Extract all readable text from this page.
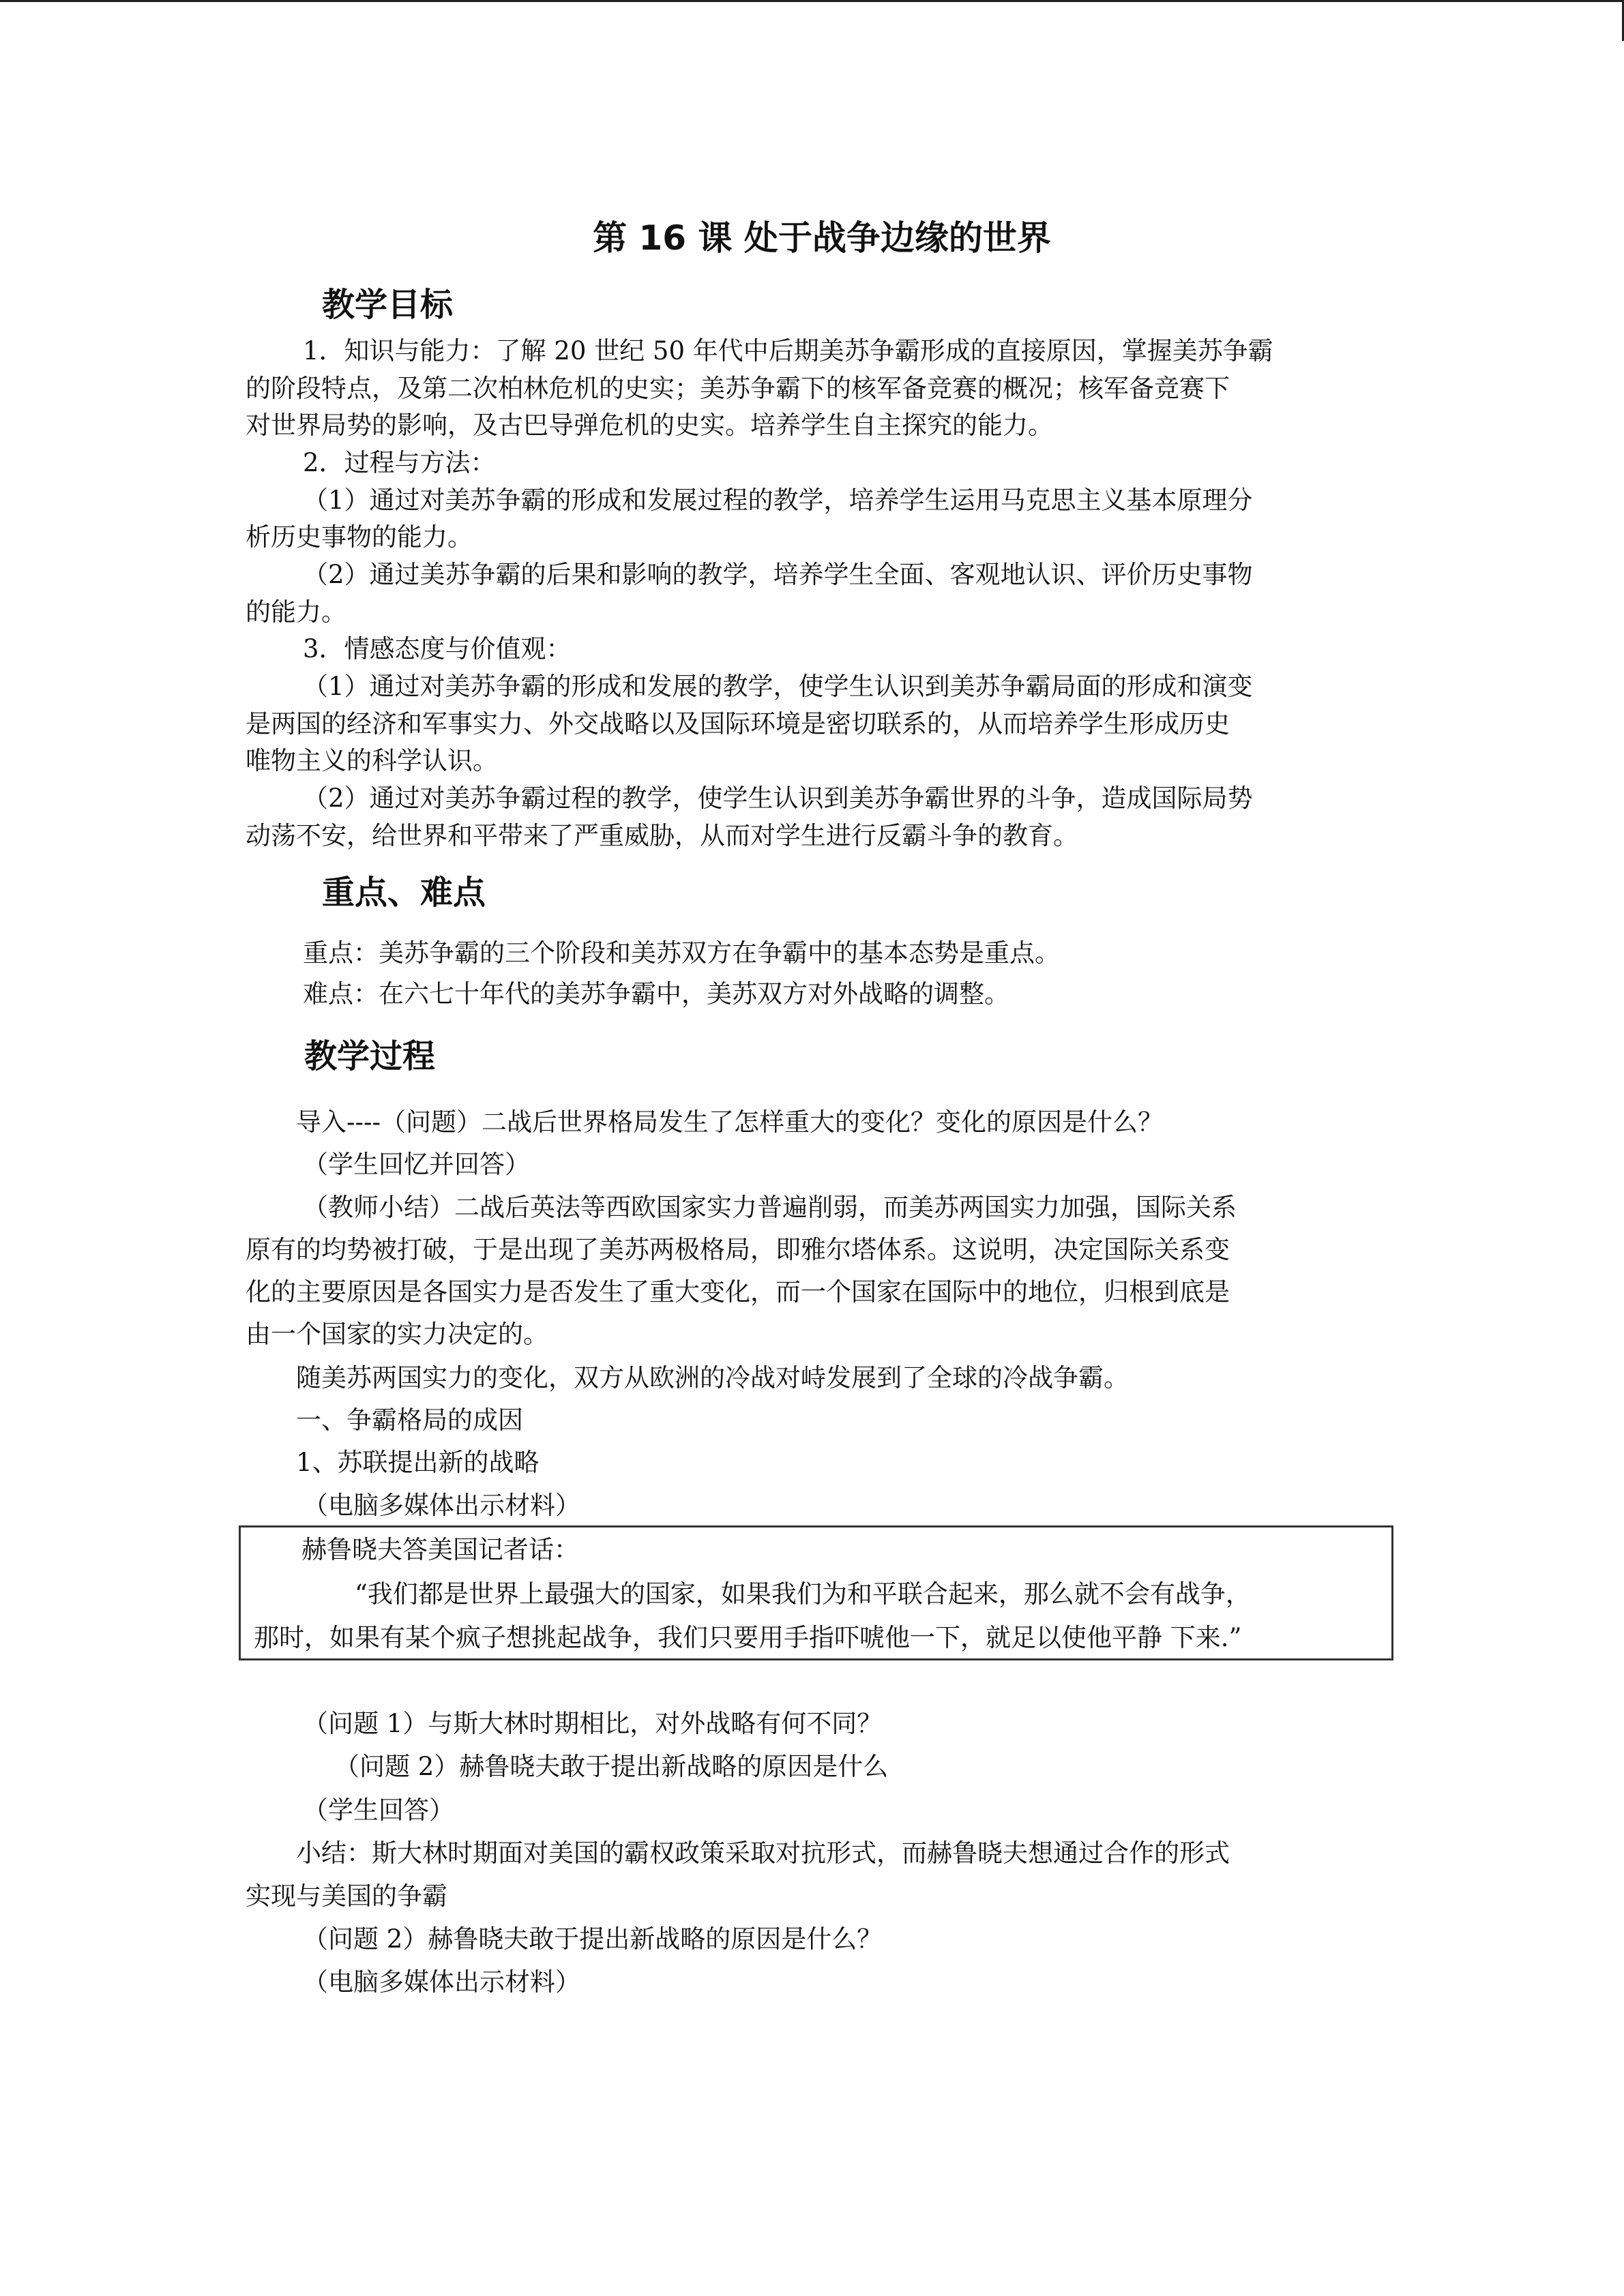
第 16 课 处于战争边缘的世界
教学目标
1．知识与能力：了解 20 世纪 50 年代中后期美苏争霸形成的直接原因，掌握美苏争霸
的阶段特点，及第二次柏林危机的史实；美苏争霸下的核军备竞赛的概况；核军备竞赛下
对世界局势的影响，及古巴导弹危机的史实。培养学生自主探究的能力。
2．过程与方法：
（1）通过对美苏争霸的形成和发展过程的教学，培养学生运用马克思主义基本原理分
析历史事物的能力。
（2）通过美苏争霸的后果和影响的教学，培养学生全面、客观地认识、评价历史事物
的能力。
3．情感态度与价值观：
（1）通过对美苏争霸的形成和发展的教学，使学生认识到美苏争霸局面的形成和演变
是两国的经济和军事实力、外交战略以及国际环境是密切联系的，从而培养学生形成历史
唯物主义的科学认识。
（2）通过对美苏争霸过程的教学，使学生认识到美苏争霸世界的斗争，造成国际局势
动荡不安，给世界和平带来了严重威胁，从而对学生进行反霸斗争的教育。
重点、难点
重点：美苏争霸的三个阶段和美苏双方在争霸中的基本态势是重点。
难点：在六七十年代的美苏争霸中，美苏双方对外战略的调整。
教学过程
导入----（问题）二战后世界格局发生了怎样重大的变化？变化的原因是什么？
（学生回忆并回答）
（教师小结）二战后英法等西欧国家实力普遍削弱，而美苏两国实力加强，国际关系
原有的均势被打破，于是出现了美苏两极格局，即雅尔塔体系。这说明，决定国际关系变
化的主要原因是各国实力是否发生了重大变化，而一个国家在国际中的地位，归根到底是
由一个国家的实力决定的。
随美苏两国实力的变化，双方从欧洲的冷战对峙发展到了全球的冷战争霸。
一、争霸格局的成因
1、苏联提出新的战略
（电脑多媒体出示材料）
赫鲁晓夫答美国记者话：
“我们都是世界上最强大的国家，如果我们为和平联合起来，那么就不会有战争，
那时，如果有某个疯子想挑起战争，我们只要用手指吓唬他一下，就足以使他平静 下来.”
（问题 1）与斯大林时期相比，对外战略有何不同？
（问题 2）赫鲁晓夫敢于提出新战略的原因是什么
（学生回答）
小结：斯大林时期面对美国的霸权政策采取对抗形式，而赫鲁晓夫想通过合作的形式
实现与美国的争霸
（问题 2）赫鲁晓夫敢于提出新战略的原因是什么？
（电脑多媒体出示材料）
